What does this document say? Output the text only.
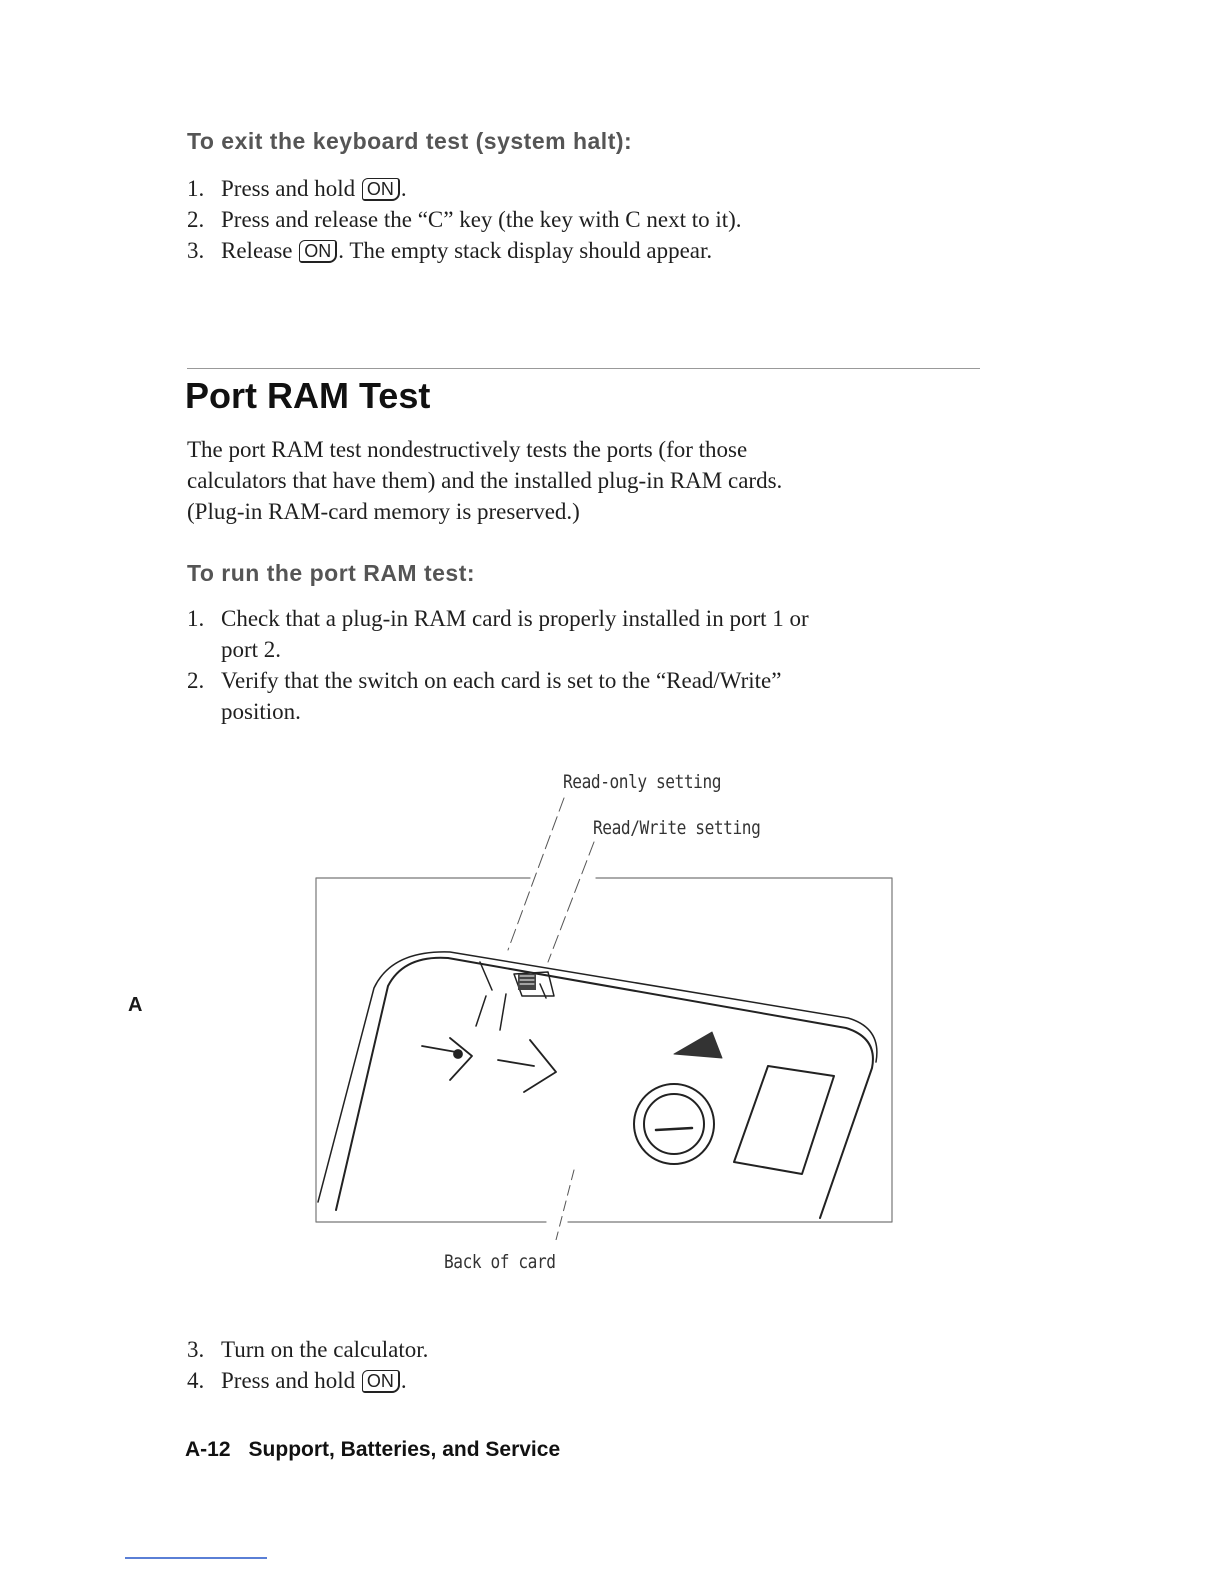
To exit the keyboard test (system halt):
1. Press and hold ON .
2. Press and release the “C” key (the key with C next to it).
3. Release ON . The empty stack display should appear.
Port RAM Test
The port RAM test nondestructively tests the ports (for those
calculators that have them) and the installed plug-in RAM cards.
(Plug-in RAM-card memory is preserved.)
To run the port RAM test:
1. Check that a plug-in RAM card is properly installed in port 1 or
port 2.
2. Verify that the switch on each card is set to the “Read/Write”
position.
A
Read-only setting
Read/Write setting
Back of card
3. Turn on the calculator.
4. Press and hold ON .
A-12 Support, Batteries, and Service
